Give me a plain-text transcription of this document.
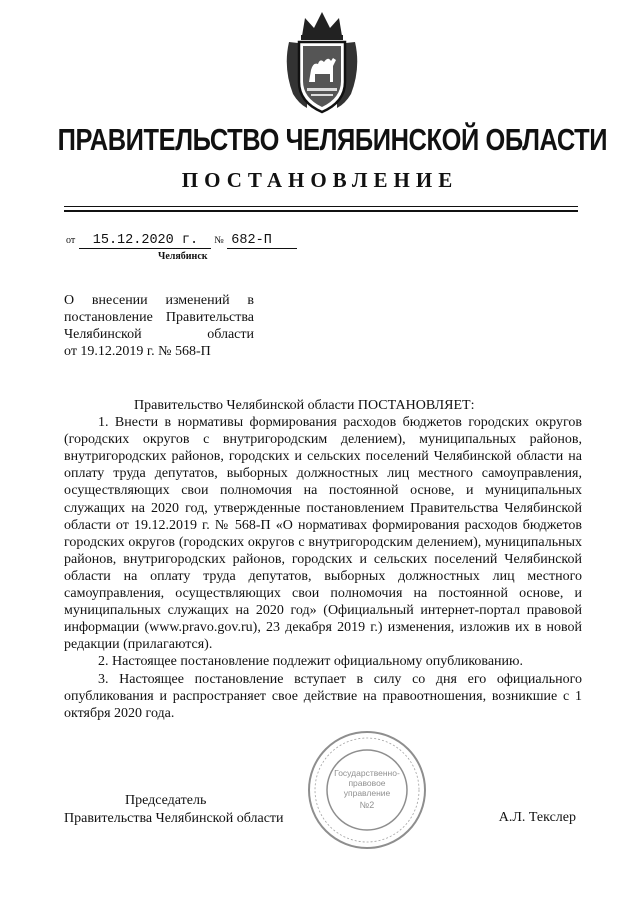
ПРАВИТЕЛЬСТВО ЧЕЛЯБИНСКОЙ ОБЛАСТИ
ПОСТАНОВЛЕНИЕ
от 15.12.2020 г. № 682-П
Челябинск
О внесении изменений в
постановление Правительства
Челябинской области
от 19.12.2019 г. № 568-П

Правительство Челябинской области ПОСТАНОВЛЯЕТ:

1. Внести в нормативы формирования расходов бюджетов городских округов (городских округов с внутригородским делением), муниципальных районов, внутригородских районов, городских и сельских поселений Челябинской области на оплату труда депутатов, выборных должностных лиц местного самоуправления, осуществляющих свои полномочия на постоянной основе, и муниципальных служащих на 2020 год, утвержденные постановлением Правительства Челябинской области от 19.12.2019 г. № 568-П «О нормативах формирования расходов бюджетов городских округов (городских округов с внутригородским делением), муниципальных районов, внутригородских районов, городских и сельских поселений Челябинской области на оплату труда депутатов, выборных должностных лиц местного самоуправления, осуществляющих свои полномочия на постоянной основе, и муниципальных служащих на 2020 год» (Официальный интернет-портал правовой информации (www.pravo.gov.ru), 23 декабря 2019 г.) изменения, изложив их в новой редакции (прилагаются).

2. Настоящее постановление подлежит официальному опубликованию.

3. Настоящее постановление вступает в силу со дня его официального опубликования и распространяет свое действие на правоотношения, возникшие с 1 октября 2020 года.

Государственно-
правовое
управление
№2
Председатель
Правительства Челябинской области	А.Л. Текслер
